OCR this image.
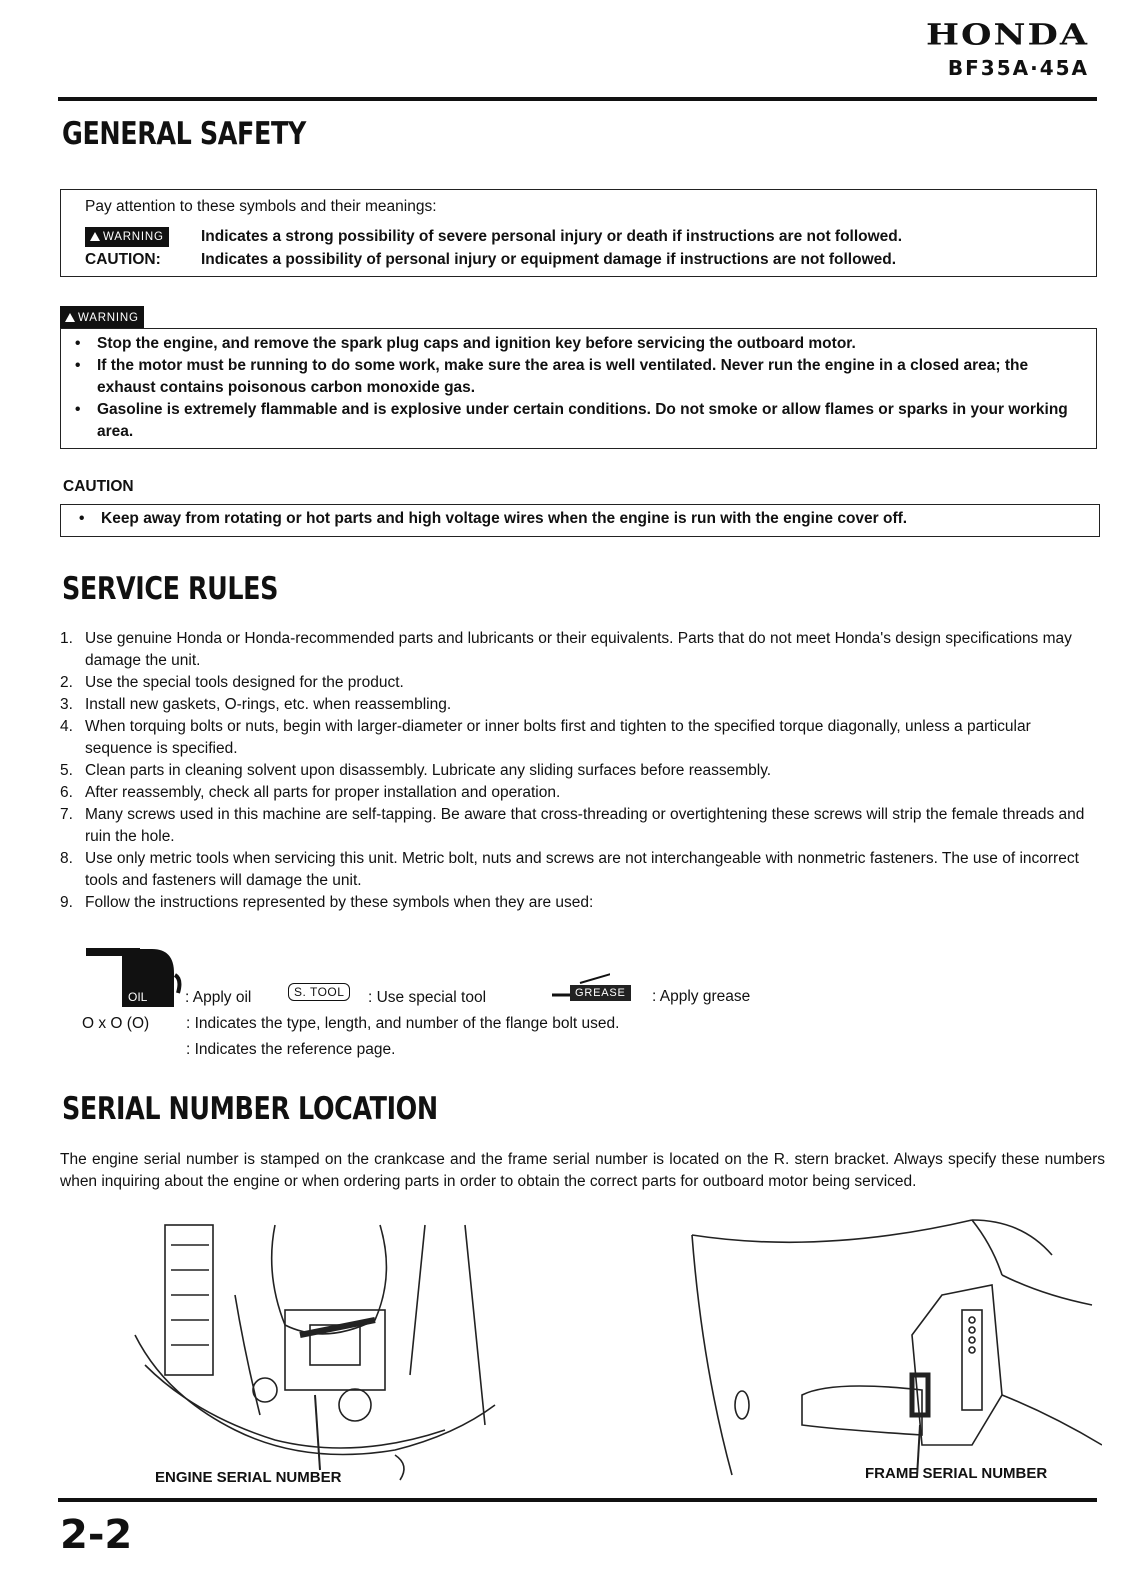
HONDA
BF35A·45A
GENERAL SAFETY
Pay attention to these symbols and their meanings:
WARNING Indicates a strong possibility of severe personal injury or death if instructions are not followed.
CAUTION:	Indicates a possibility of personal injury or equipment damage if instructions are not followed.
WARNING
• Stop the engine, and remove the spark plug caps and ignition key before servicing the outboard motor.
• If the motor must be running to do some work, make sure the area is well ventilated. Never run the engine in a closed area; the exhaust contains poisonous carbon monoxide gas.
• Gasoline is extremely flammable and is explosive under certain conditions. Do not smoke or allow flames or sparks in your working area.
CAUTION
• Keep away from rotating or hot parts and high voltage wires when the engine is run with the engine cover off.
SERVICE RULES
1. Use genuine Honda or Honda-recommended parts and lubricants or their equivalents. Parts that do not meet Honda's design specifications may damage the unit.
2. Use the special tools designed for the product.
3. Install new gaskets, O-rings, etc. when reassembling.
4. When torquing bolts or nuts, begin with larger-diameter or inner bolts first and tighten to the specified torque diagonally, unless a particular sequence is specified.
5. Clean parts in cleaning solvent upon disassembly. Lubricate any sliding surfaces before reassembly.
6. After reassembly, check all parts for proper installation and operation.
7. Many screws used in this machine are self-tapping. Be aware that cross-threading or overtightening these screws will strip the female threads and ruin the hole.
8. Use only metric tools when servicing this unit. Metric bolt, nuts and screws are not interchangeable with nonmetric fasteners. The use of incorrect tools and fasteners will damage the unit.
9. Follow the instructions represented by these symbols when they are used:
OIL : Apply oil	S. TOOL	: Use special tool	GREASE	: Apply grease
O x O (O) : Indicates the type, length, and number of the flange bolt used.
: Indicates the reference page.
SERIAL NUMBER LOCATION
The engine serial number is stamped on the crankcase and the frame serial number is located on the R. stern bracket. Always specify these numbers when inquiring about the engine or when ordering parts in order to obtain the correct parts for outboard motor being serviced.
ENGINE SERIAL NUMBER	FRAME SERIAL NUMBER
2-2
